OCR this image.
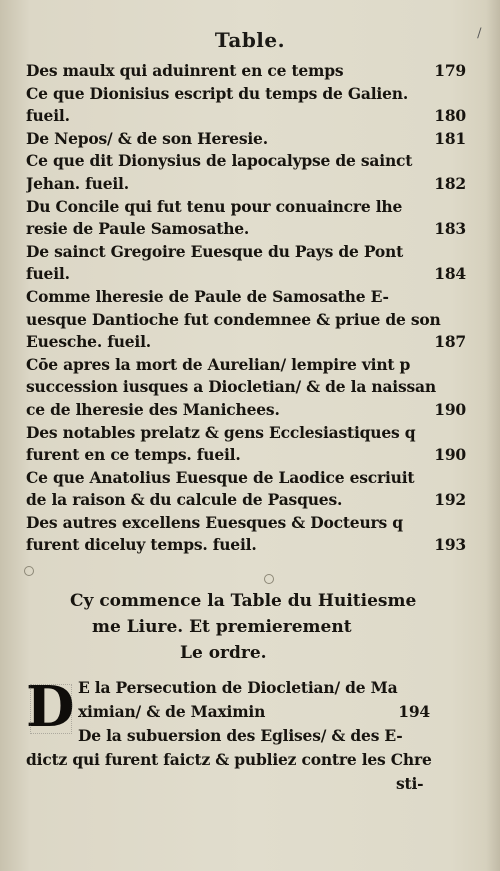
Table.	/
Des maulx qui aduinrent en ce temps	179
Ce que Dionisius escript du temps de Galien.
fueil.	180
De Nepos/ & de son Heresie.	181
Ce que dit Dionysius de lapocalypse de sainct
Jehan. fueil.	182
Du Concile qui fut tenu pour conuaincre lhe
resie de Paule Samosathe.	183
De sainct Gregoire Euesque du Pays de Pont
fueil.	184
Comme lheresie de Paule de Samosathe E-
uesque Dantioche fut condemnee & priue de son
Euesche. fueil.	187
Cōe apres la mort de Aurelian/ lempire vint p
succession iusques a Diocletian/ & de la naissan
ce de lheresie des Manichees.	190
Des notables prelatz & gens Ecclesiastiques q
furent en ce temps. fueil.	190
Ce que Anatolius Euesque de Laodice escriuit
de la raison & du calcule de Pasques.	192
Des autres excellens Euesques & Docteurs q
furent diceluy temps. fueil.	193
Cy commence la Table du Huitiesme
me Liure. Et premierement
Le ordre.
D E la Persecution de Diocletian/ de Ma
ximian/ & de Maximin	194
De la subuersion des Eglises/ & des E-
dictz qui furent faictz & publiez contre les Chre
sti-
